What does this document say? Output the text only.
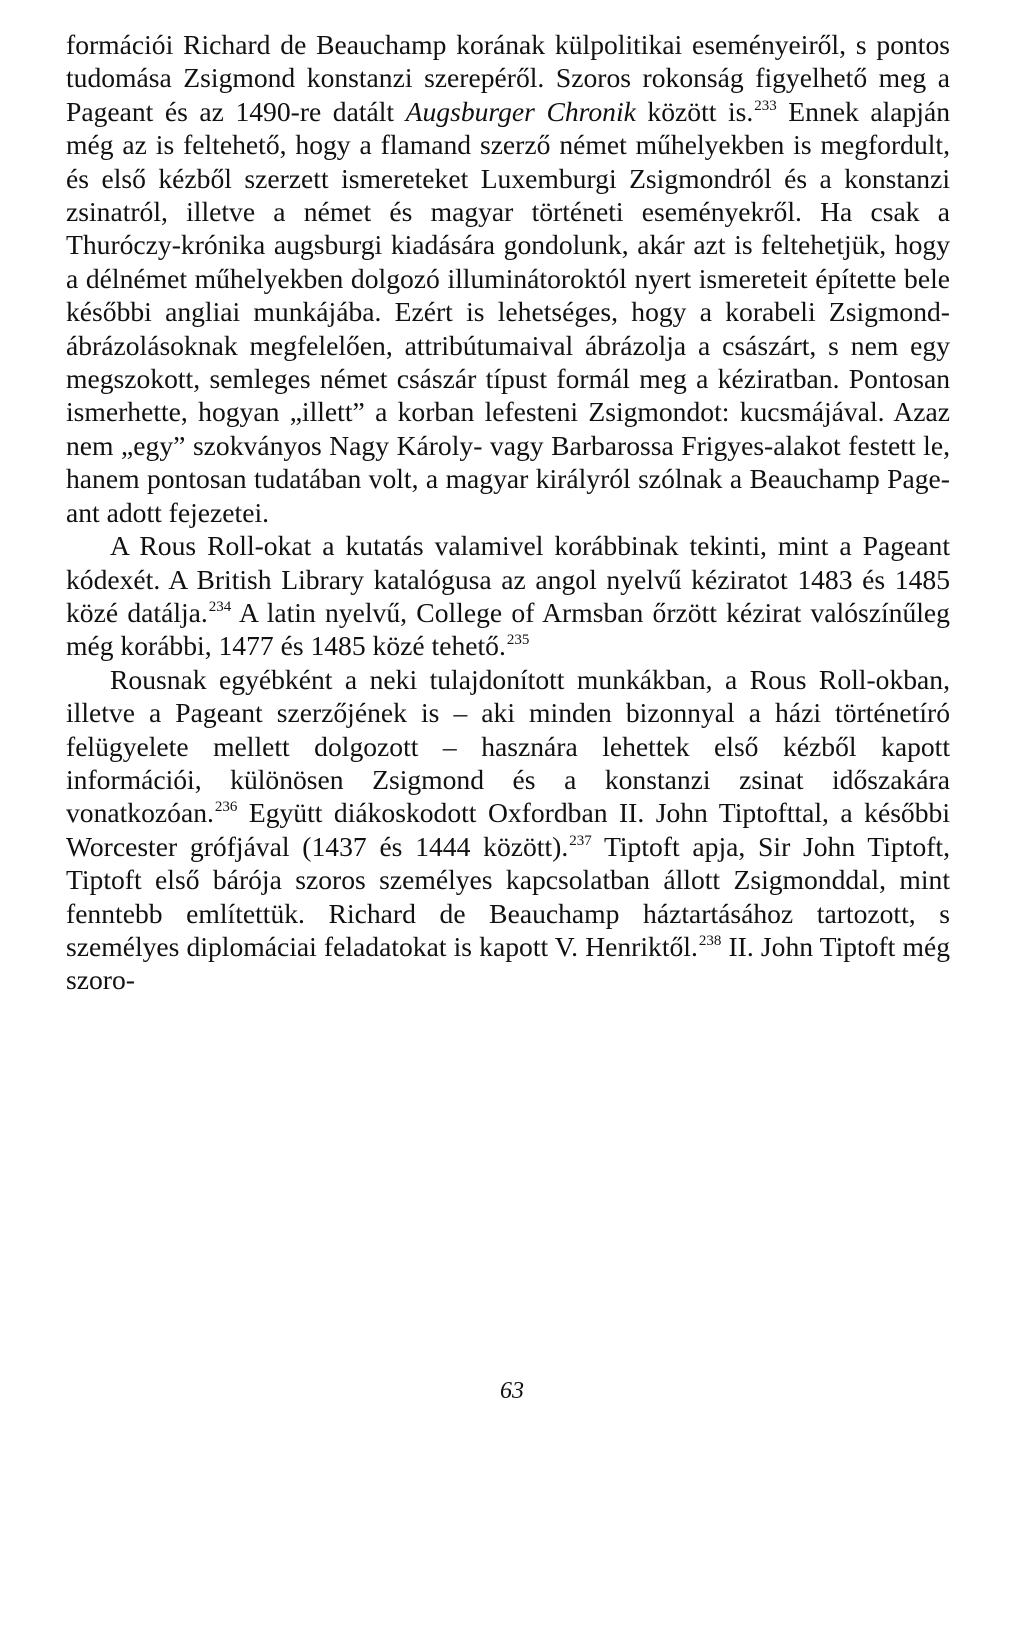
formációi Richard de Beauchamp korának külpolitikai eseményeiről, s pontos tudomása Zsigmond konstanzi szerepéről. Szoros rokonság figyelhető meg a Pageant és az 1490-re datált Augsburger Chronik között is.$^{233}$ Ennek alapján még az is feltehető, hogy a flamand szerző német műhelyekben is megfordult, és első kézből szerzett ismereteket Luxemburgi Zsigmondról és a konstanzi zsinatról, illetve a német és magyar történeti eseményekről. Ha csak a Thuróczy-krónika augsburgi kiadására gondolunk, akár azt is feltehetjük, hogy a délnémet műhelyekben dolgozó illuminátoroktól nyert ismereteit építette bele későbbi angliai munkájába. Ezért is lehetséges, hogy a korabeli Zsigmond-ábrázolásoknak megfelelően, attribútumaival ábrázolja a császárt, s nem egy megszokott, semleges német császár típust formál meg a kéziratban. Pontosan ismerhette, hogyan „illett” a korban lefesteni Zsigmondot: kucsmájával. Azaz nem „egy” szokványos Nagy Károly- vagy Barbarossa Frigyes-alakot festett le, hanem pontosan tudatában volt, a magyar királyról szólnak a Beauchamp Pageant adott fejezetei.

A Rous Roll-okat a kutatás valamivel korábbinak tekinti, mint a Pageant kódexét. A British Library katalógusa az angol nyelvű kéziratot 1483 és 1485 közé datálja.$^{234}$ A latin nyelvű, College of Armsban őrzött kézirat valószínűleg még korábbi, 1477 és 1485 közé tehető.$^{235}$

Rousnak egyébként a neki tulajdonított munkákban, a Rous Roll-okban, illetve a Pageant szerzőjének is – aki minden bizonnyal a házi történetíró felügyelete mellett dolgozott – hasznára lehettek első kézből kapott információi, különösen Zsigmond és a konstanzi zsinat időszakára vonatkozóan.$^{236}$ Együtt diákoskodott Oxfordban II. John Tiptofttal, a későbbi Worcester grófjával (1437 és 1444 között).$^{237}$ Tiptoft apja, Sir John Tiptoft, Tiptoft első bárója szoros személyes kapcsolatban állott Zsigmonddal, mint fenntebb említettük. Richard de Beauchamp háztartásához tartozott, s személyes diplomáciai feladatokat is kapott V. Henriktől.$^{238}$ II. John Tiptoft még szoro-

63
